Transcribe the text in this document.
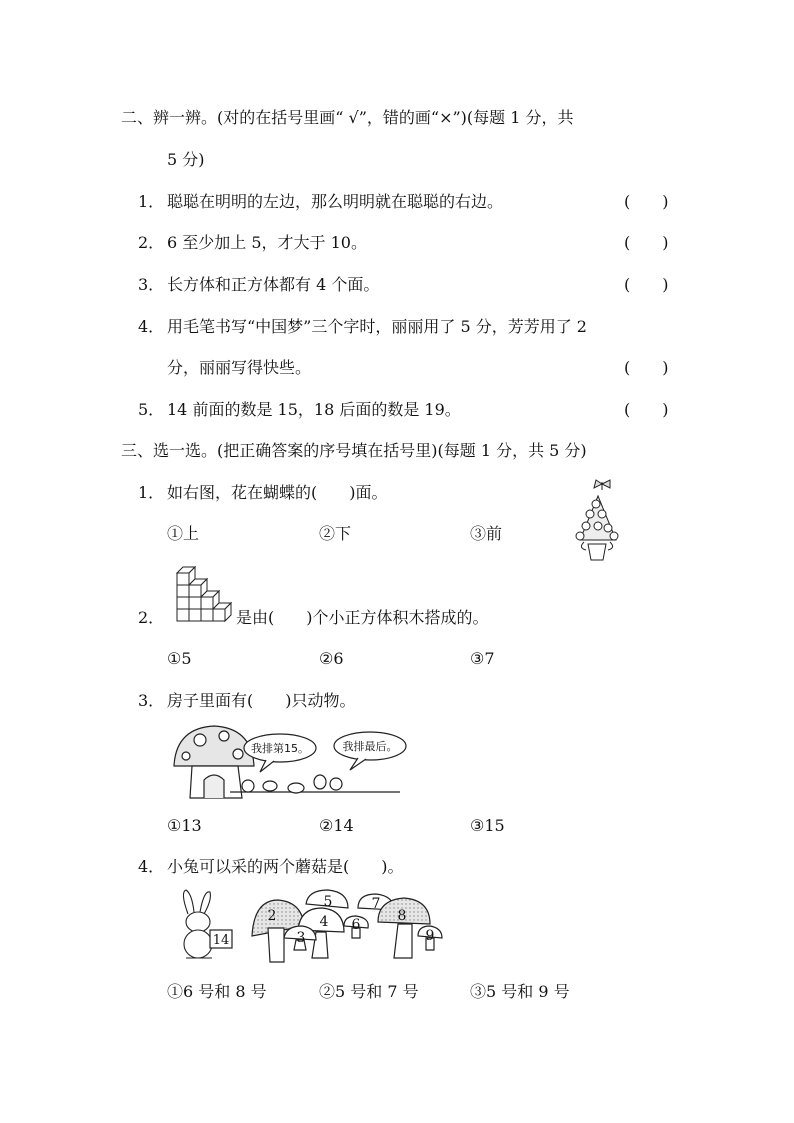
二、辨一辨。(对的在括号里画“ √”，错的画“×”)(每题 1 分，共
5 分)
1． 聪聪在明明的左边，那么明明就在聪聪的右边。	(　　)
2． 6 至少加上 5，才大于 10。	(　　)
3． 长方体和正方体都有 4 个面。	(　　)
4． 用毛笔书写“中国梦”三个字时，丽丽用了 5 分，芳芳用了 2
分，丽丽写得快些。	(　　)
5． 14 前面的数是 15，18 后面的数是 19。	(　　)
三、选一选。(把正确答案的序号填在括号里)(每题 1 分，共 5 分)
1． 如右图，花在蝴蝶的(　　)面。
①上	②下	③前
2．	是由(　　)个小正方体积木搭成的。
①5	②6	③7
3． 房子里面有(　　)只动物。
我排第15。	我排最后。
①13	②14	③15
4． 小兔可以采的两个蘑菇是(　　)。
14
2
3
4
5
6
7
8
9
①6 号和 8 号	②5 号和 7 号	③5 号和 9 号
